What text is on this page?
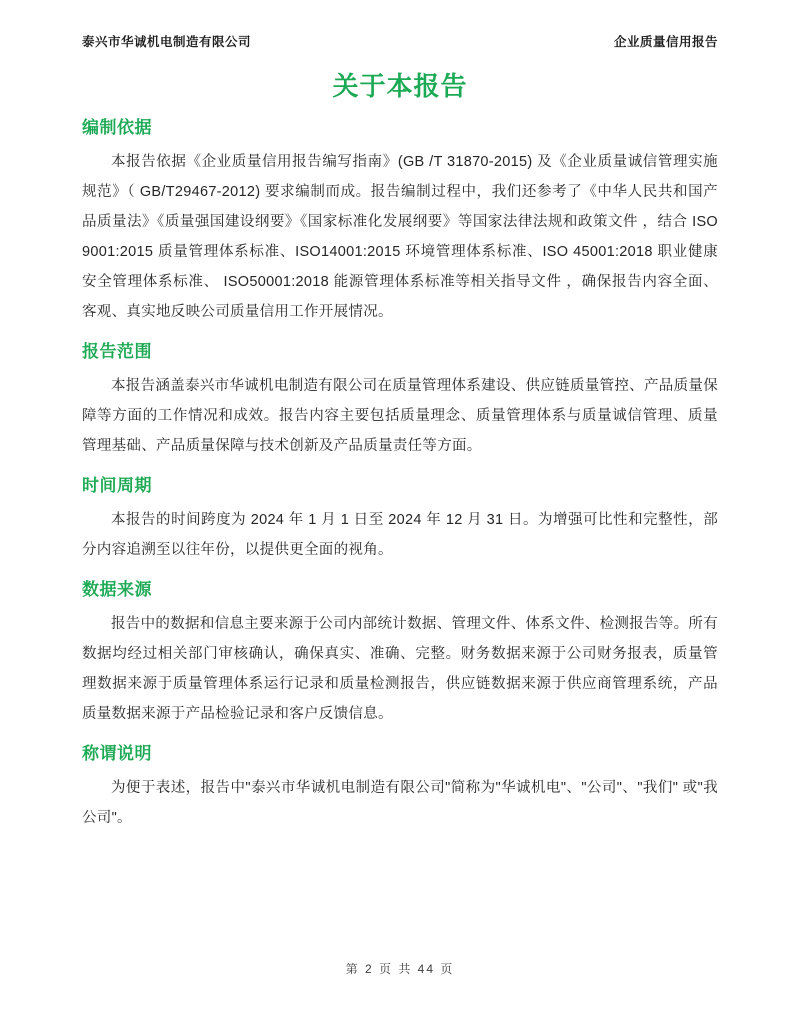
泰兴市华诚机电制造有限公司	企业质量信用报告
关于本报告
编制依据

本报告依据《企业质量信用报告编写指南》(GB /T 31870-2015) 及《企业质量诚信管理实施规范》（ GB/T29467-2012) 要求编制而成。报告编制过程中，我们还参考了《中华人民共和国产品质量法》《质量强国建设纲要》《国家标准化发展纲要》等国家法律法规和政策文件 ，结合 ISO 9001:2015 质量管理体系标准、ISO14001:2015 环境管理体系标准、ISO 45001:2018 职业健康安全管理体系标准、 ISO50001:2018 能源管理体系标准等相关指导文件 ，确保报告内容全面、客观、真实地反映公司质量信用工作开展情况。

报告范围

本报告涵盖泰兴市华诚机电制造有限公司在质量管理体系建设、供应链质量管控、产品质量保障等方面的工作情况和成效。报告内容主要包括质量理念、质量管理体系与质量诚信管理、质量管理基础、产品质量保障与技术创新及产品质量责任等方面。

时间周期

本报告的时间跨度为 2024 年 1 月 1 日至 2024 年 12 月 31 日。为增强可比性和完整性，部分内容追溯至以往年份，以提供更全面的视角。

数据来源

报告中的数据和信息主要来源于公司内部统计数据、管理文件、体系文件、检测报告等。所有数据均经过相关部门审核确认，确保真实、准确、完整。财务数据来源于公司财务报表，质量管理数据来源于质量管理体系运行记录和质量检测报告，供应链数据来源于供应商管理系统，产品质量数据来源于产品检验记录和客户反馈信息。

称谓说明

为便于表述，报告中"泰兴市华诚机电制造有限公司"简称为"华诚机电"、"公司"、"我们" 或"我公司"。

第 2 页 共 44 页
